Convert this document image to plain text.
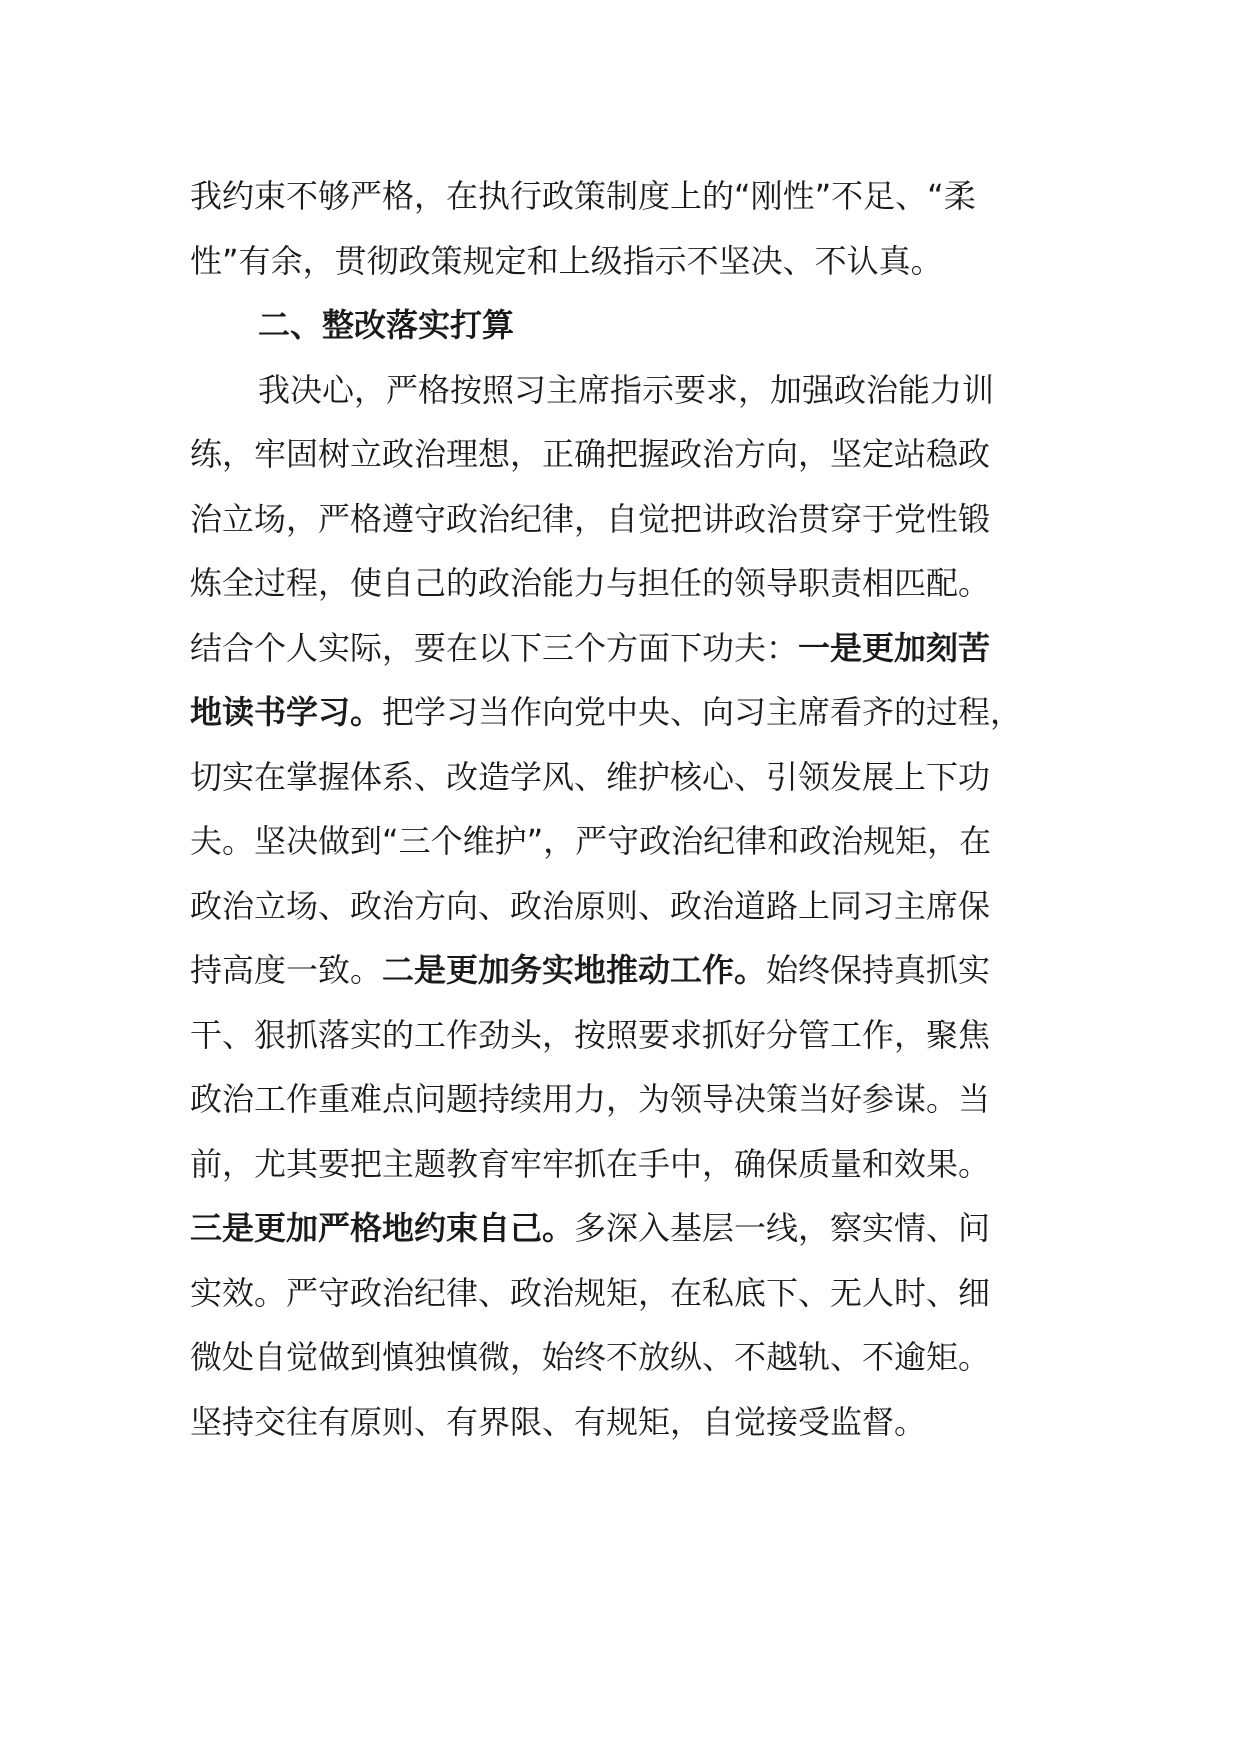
我约束不够严格，在执行政策制度上的“刚性”不足、“柔
性”有余，贯彻政策规定和上级指示不坚决、不认真。
二、整改落实打算
我决心，严格按照习主席指示要求，加强政治能力训
练，牢固树立政治理想，正确把握政治方向，坚定站稳政
治立场，严格遵守政治纪律，自觉把讲政治贯穿于党性锻
炼全过程，使自己的政治能力与担任的领导职责相匹配。
结合个人实际，要在以下三个方面下功夫：一是更加刻苦
地读书学习。把学习当作向党中央、向习主席看齐的过程，
切实在掌握体系、改造学风、维护核心、引领发展上下功
夫。坚决做到“三个维护”，严守政治纪律和政治规矩，在
政治立场、政治方向、政治原则、政治道路上同习主席保
持高度一致。二是更加务实地推动工作。始终保持真抓实
干、狠抓落实的工作劲头，按照要求抓好分管工作，聚焦
政治工作重难点问题持续用力，为领导决策当好参谋。当
前，尤其要把主题教育牢牢抓在手中，确保质量和效果。
三是更加严格地约束自己。多深入基层一线，察实情、问
实效。严守政治纪律、政治规矩，在私底下、无人时、细
微处自觉做到慎独慎微，始终不放纵、不越轨、不逾矩。
坚持交往有原则、有界限、有规矩，自觉接受监督。
